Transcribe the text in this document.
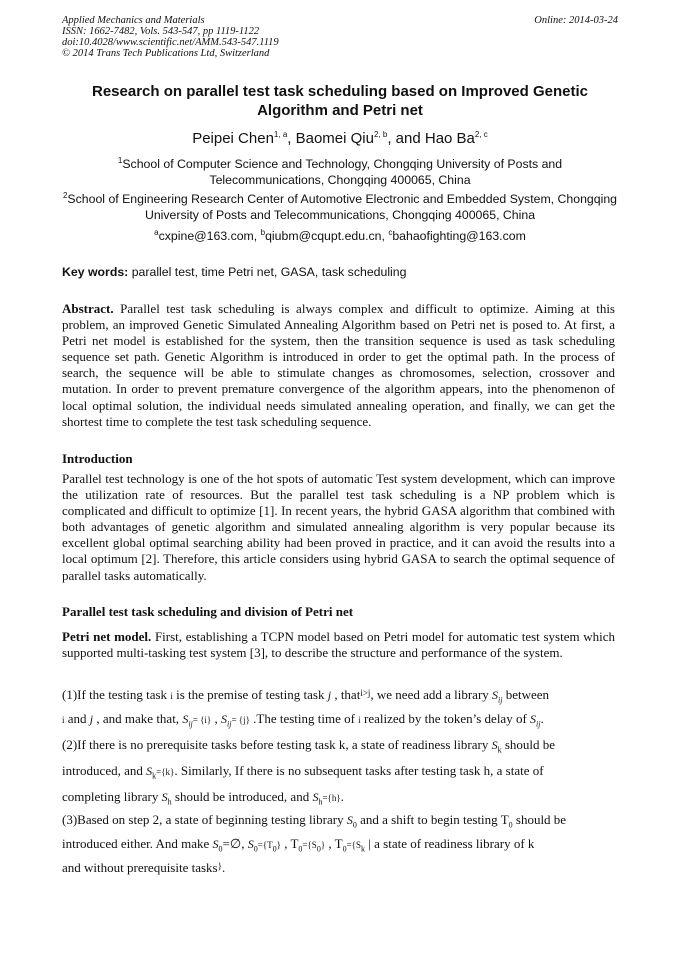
Applied Mechanics and Materials
ISSN: 1662-7482, Vols. 543-547, pp 1119-1122
doi:10.4028/www.scientific.net/AMM.543-547.1119
© 2014 Trans Tech Publications Ltd, Switzerland
Online: 2014-03-24
Research on parallel test task scheduling based on Improved Genetic Algorithm and Petri net
Peipei Chen$^{1, a}$, Baomei Qiu$^{2, b}$, and Hao Ba$^{2, c}$
$^1$School of Computer Science and Technology, Chongqing University of Posts and Telecommunications, Chongqing 400065, China
$^2$School of Engineering Research Center of Automotive Electronic and Embedded System, Chongqing University of Posts and Telecommunications, Chongqing 400065, China
$^a$cxpine@163.com, $^b$qiubm@cqupt.edu.cn, $^c$bahaofighting@163.com
Key words: parallel test, time Petri net, GASA, task scheduling

Abstract. Parallel test task scheduling is always complex and difficult to optimize. Aiming at this problem, an improved Genetic Simulated Annealing Algorithm based on Petri net is posed to. At first, a Petri net model is established for the system, then the transition sequence is used as task scheduling sequence set path. Genetic Algorithm is introduced in order to get the optimal path. In the process of search, the sequence will be able to stimulate changes as chromosomes, selection, crossover and mutation. In order to prevent premature convergence of the algorithm appears, into the phenomenon of local optimal solution, the individual needs simulated annealing operation, and finally, we can get the shortest time to complete the test task scheduling sequence.

Introduction

Parallel test technology is one of the hot spots of automatic Test system development, which can improve the utilization rate of resources. But the parallel test task scheduling is a NP problem which is complicated and difficult to optimize [1]. In recent years, the hybrid GASA algorithm that combined with both advantages of genetic algorithm and simulated annealing algorithm is very popular because its excellent global optimal searching ability had been proved in practice, and it can avoid the results into a local optimum [2]. Therefore, this article considers using hybrid GASA to search the optimal sequence of parallel tasks automatically.

Parallel test task scheduling and division of Petri net

Petri net model. First, establishing a TCPN model based on Petri model for automatic test system which supported multi-tasking test system [3], to describe the structure and performance of the system.

(1)If the testing task i is the premise of testing task j , that$^{i>j}$, we need add a library $S_{ij}$ between
i and j , and make that, $S_{ij}= \{i\}$ , $S_{ij}= \{j\}$ .The testing time of i realized by the token’s delay of $S_{ij}$.
(2)If there is no prerequisite tasks before testing task k, a state of readiness library $S_k$ should be
introduced, and $S_k=\{k\}$. Similarly, If there is no subsequent tasks after testing task h, a state of
completing library $S_h$ should be introduced, and $S_h=\{h\}$.
(3)Based on step 2, a state of beginning testing library $S_0$ and a shift to begin testing $T_0$ should be
introduced either. And make $S_0=\emptyset$, $S_0=\{T_0\}$ , $T_0=\{S_0\}$ , $T_0=\{S_k$ | a state of readiness library of k
and without prerequisite tasks}.
